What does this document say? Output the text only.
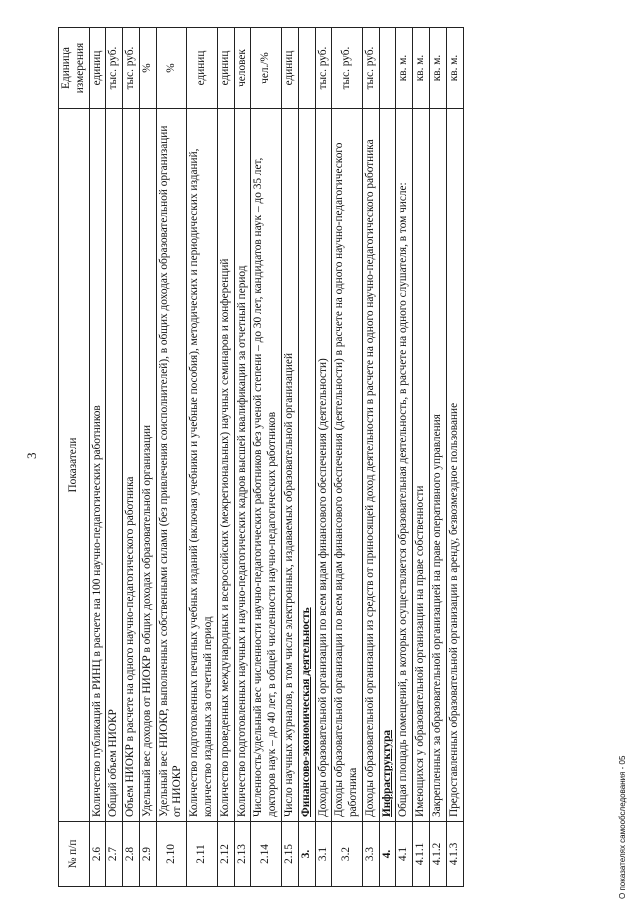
3
№ п/п	Показатели	Единица измерения
2.6	Количество публикаций в РИНЦ в расчете на 100 научно-педагогических работников	единиц
2.7	Общий объем НИОКР	тыс. руб.
2.8	Объем НИОКР в расчете на одного научно-педагогического работника	тыс. руб.
2.9	Удельный вес доходов от НИОКР в общих доходах образовательной организации	%
2.10	Удельный вес НИОКР, выполненных собственными силами (без привлечения соисполнителей), в общих доходах образовательной организации от НИОКР	%
2.11	Количество подготовленных печатных учебных изданий (включая учебники и учебные пособия), методических и периодических изданий, количество изданных за отчетный период	единиц
2.12	Количество проведенных международных и всероссийских (межрегиональных) научных семинаров и конференций	единиц
2.13	Количество подготовленных научных и научно-педагогических кадров высшей квалификации за отчетный период	человек
2.14	Численность/удельный вес численности научно-педагогических работников без ученой степени – до 30 лет, кандидатов наук – до 35 лет, докторов наук – до 40 лет, в общей численности научно-педагогических работников	чел./%
2.15	Число научных журналов, в том числе электронных, издаваемых образовательной организацией	единиц
3.	Финансово-экономическая деятельность	
3.1	Доходы образовательной организации по всем видам финансового обеспечения (деятельности)	тыс. руб.
3.2	Доходы образовательной организации по всем видам финансового обеспечения (деятельности) в расчете на одного научно-педагогического работника	тыс. руб.
3.3	Доходы образовательной организации из средств от приносящей доход деятельности в расчете на одного научно-педагогического работника	тыс. руб.
4.	Инфраструктура	
4.1	Общая площадь помещений, в которых осуществляется образовательная деятельность, в расчете на одного слушателя, в том числе:	кв. м.
4.1.1	Имеющихся у образовательной организации на праве собственности	кв. м.
4.1.2	Закрепленных за образовательной организацией на праве оперативного управления	кв. м.
4.1.3	Предоставленных образовательной организации в аренду, безвозмездное пользование	кв. м.
О показателях самообследования - 05
